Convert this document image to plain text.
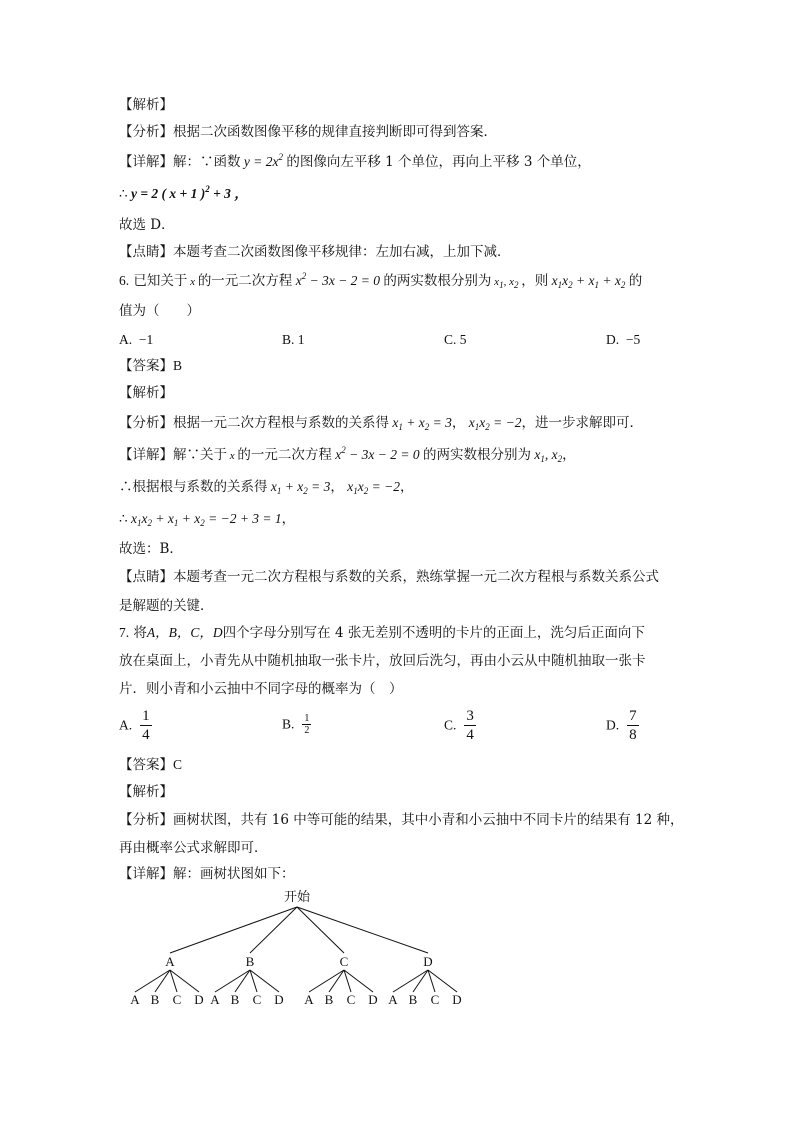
【解析】
【分析】根据二次函数图像平移的规律直接判断即可得到答案．
【详解】解：∵函数 $y = 2x^2$ 的图像向左平移 1 个单位，再向上平移 3 个单位，
∴ y = 2 ( x + 1 )$^2$ + 3 ，
故选 D．
【点睛】本题考查二次函数图像平移规律：左加右减，上加下减．
6. 已知关于 x 的一元二次方程 $x^2 - 3x - 2 = 0$ 的两实数根分别为 $x_1$, $x_2$ ，则 $x_1x_2 + x_1 + x_2$ 的
值为（　　）
A. −1	B. 1	C. 5	D. −5
【答案】B
【解析】
【分析】根据一元二次方程根与系数的关系得 $x_1 + x_2 = 3$， $x_1x_2 = -2$，进一步求解即可．
【详解】解∵关于 x 的一元二次方程 $x^2 - 3x - 2 = 0$ 的两实数根分别为 $x_1$, $x_2$，
∴根据根与系数的关系得 $x_1 + x_2 = 3$， $x_1x_2 = -2$，
∴ $x_1x_2 + x_1 + x_2 = -2 + 3 = 1$，
故选：B．
【点睛】本题考查一元二次方程根与系数的关系，熟练掌握一元二次方程根与系数关系公式
是解题的关键．
7. 将A，B，C，D四个字母分别写在 4 张无差别不透明的卡片的正面上，洗匀后正面向下
放在桌面上，小青先从中随机抽取一张卡片，放回后洗匀，再由小云从中随机抽取一张卡
片．则小青和小云抽中不同字母的概率为（　）
A. $\frac{1}{4}$	B. $\frac{1}{2}$	C. $\frac{3}{4}$	D. $\frac{7}{8}$
【答案】C
【解析】
【分析】画树状图，共有 16 中等可能的结果，其中小青和小云抽中不同卡片的结果有 12 种，
再由概率公式求解即可．
【详解】解：画树状图如下：
开始
A
A B C D
B
A B C D
C
A B C D
D
A B C D
